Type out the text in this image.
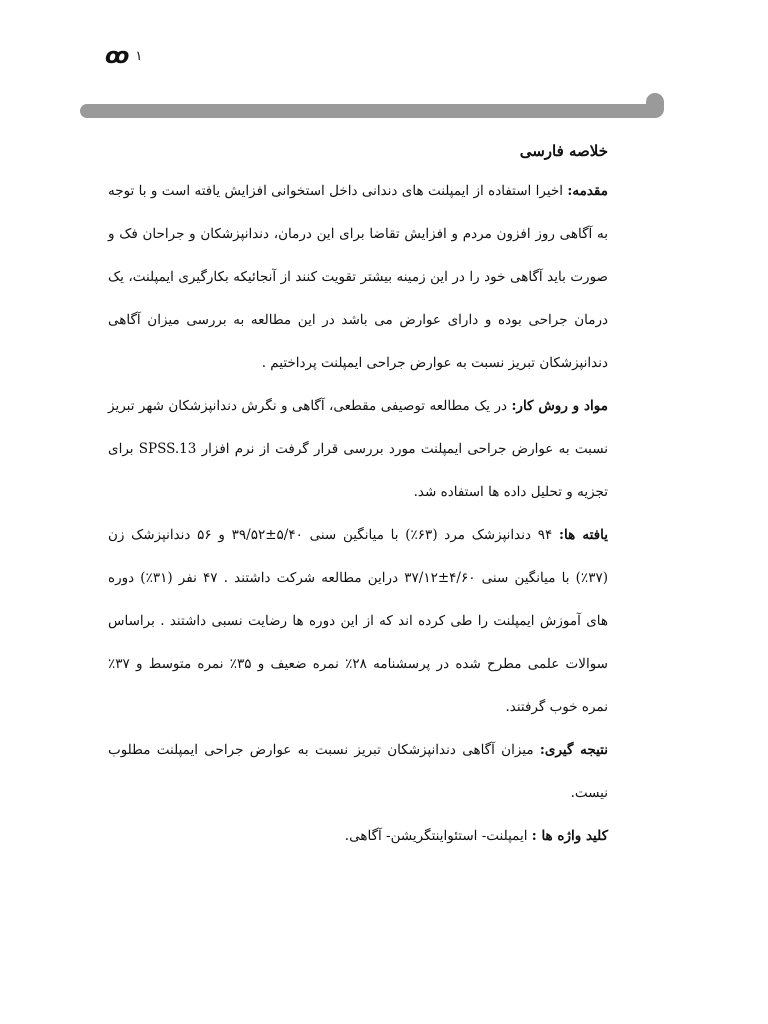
۱
ꝏ

خلاصه فارسی

مقدمه: اخیرا استفاده از ایمپلنت های دندانی داخل استخوانی افزایش یافته است و با توجه به آگاهی روز افزون مردم و افزایش تقاضا برای این درمان، دندانپزشکان و جراحان فک و صورت باید آگاهی خود را در این زمینه بیشتر تقویت کنند از آنجائیکه بکارگیری ایمپلنت، یک درمان جراحی بوده و دارای عوارض می باشد در این مطالعه به بررسی میزان آگاهی دندانپزشکان تبریز نسبت به عوارض جراحی ایمپلنت پرداختیم .

مواد و روش کار: در یک مطالعه توصیفی مقطعی، آگاهی و نگرش دندانپزشکان شهر تبریز نسبت به عوارض جراحی ایمپلنت مورد بررسی قرار گرفت از نرم افزار SPSS.13 برای تجزیه و تحلیل داده ها استفاده شد.

یافته ها: ۹۴ دندانپزشک مرد (۶۳٪) با میانگین سنی ۵/۴۰±۳۹/۵۲ و ۵۶ دندانپزشک زن (۳۷٪) با میانگین سنی ۴/۶۰±۳۷/۱۲ دراین مطالعه شرکت داشتند . ۴۷ نفر (۳۱٪) دوره های آموزش ایمپلنت را طی کرده اند که از این دوره ها رضایت نسبی داشتند . براساس سوالات علمی مطرح شده در پرسشنامه ۲۸٪ نمره ضعیف و ۳۵٪ نمره متوسط و ۳۷٪ نمره خوب گرفتند.

نتیجه گیری: میزان آگاهی دندانپزشکان تبریز نسبت به عوارض جراحی ایمپلنت مطلوب نیست.

کلید واژه ها : ایمپلنت- استئواینتگریشن- آگاهی.
